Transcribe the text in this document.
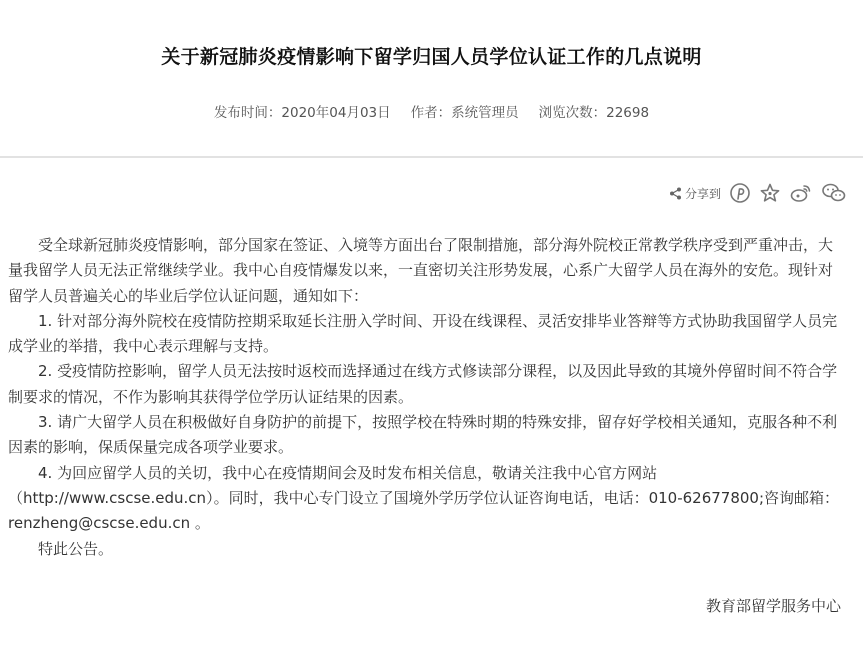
关于新冠肺炎疫情影响下留学归国人员学位认证工作的几点说明
发布时间：2020年04月03日 作者：系统管理员 浏览次数：22698
分享到

受全球新冠肺炎疫情影响，部分国家在签证、入境等方面出台了限制措施，部分海外院校正常教学秩序受到严重冲击，大量我留学人员无法正常继续学业。我中心自疫情爆发以来，一直密切关注形势发展，心系广大留学人员在海外的安危。现针对留学人员普遍关心的毕业后学位认证问题，通知如下：

1. 针对部分海外院校在疫情防控期采取延长注册入学时间、开设在线课程、灵活安排毕业答辩等方式协助我国留学人员完成学业的举措，我中心表示理解与支持。

2. 受疫情防控影响，留学人员无法按时返校而选择通过在线方式修读部分课程，以及因此导致的其境外停留时间不符合学制要求的情况，不作为影响其获得学位学历认证结果的因素。

3. 请广大留学人员在积极做好自身防护的前提下，按照学校在特殊时期的特殊安排，留存好学校相关通知，克服各种不利因素的影响，保质保量完成各项学业要求。

4. 为回应留学人员的关切，我中心在疫情期间会及时发布相关信息，敬请关注我中心官方网站（http://www.cscse.edu.cn）。同时，我中心专门设立了国境外学历学位认证咨询电话，电话：010-62677800;咨询邮箱：renzheng@cscse.edu.cn 。

特此公告。

教育部留学服务中心
